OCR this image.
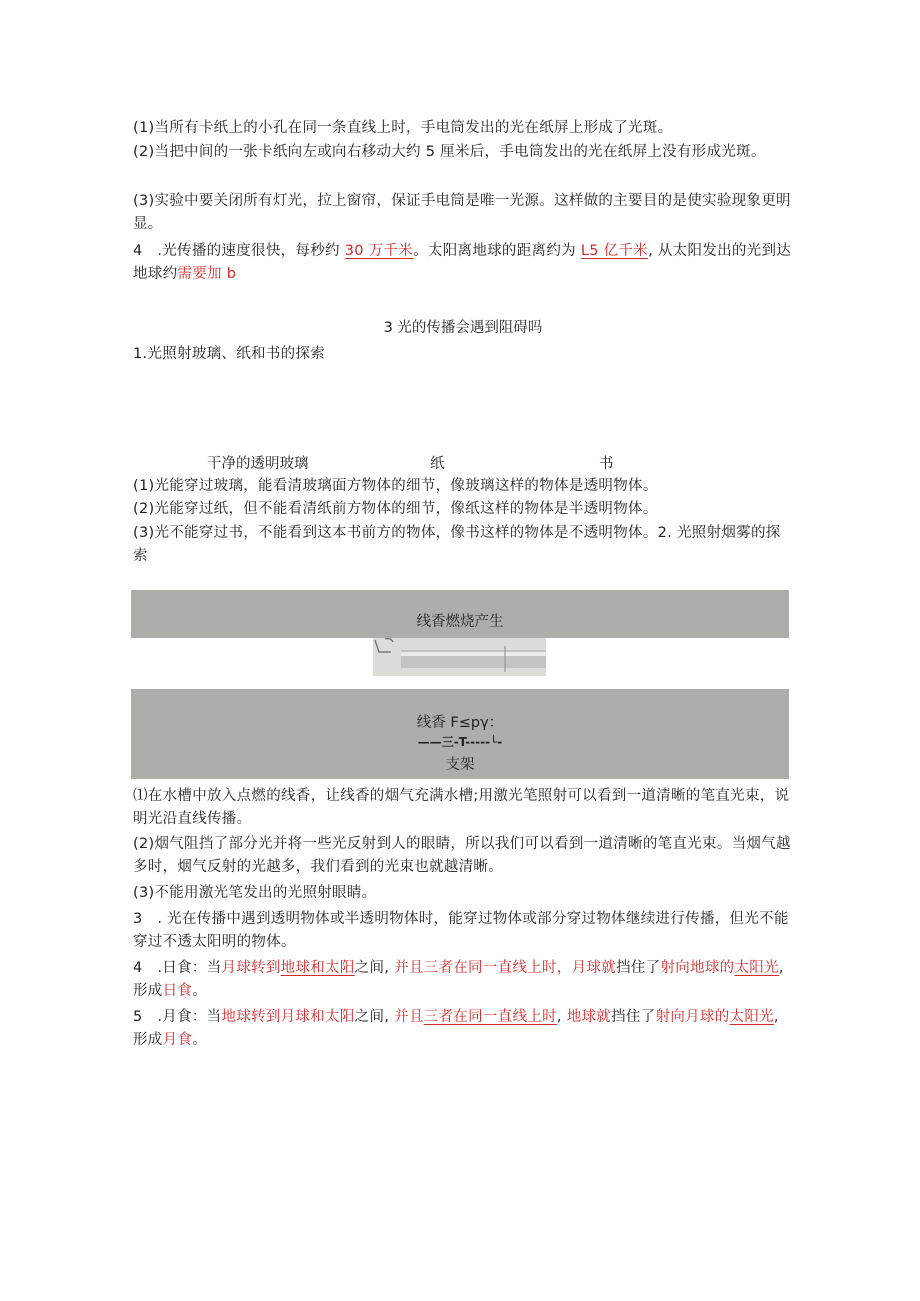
(1)当所有卡纸上的小孔在同一条直线上时，手电筒发出的光在纸屏上形成了光斑。
(2)当把中间的一张卡纸向左或向右移动大约 5 厘米后，手电筒发出的光在纸屏上没有形成光斑。
(3)实验中要关闭所有灯光，拉上窗帘，保证手电筒是唯一光源。这样做的主要目的是使实验现象更明显。
4　.光传播的速度很快，每秒约 30 万千米。太阳离地球的距离约为 L5 亿千米, 从太阳发出的光到达地球约需要加 b
3 光的传播会遇到阻碍吗
1.光照射玻璃、纸和书的探索
干净的透明玻璃	纸	书
(1)光能穿过玻璃，能看清玻璃面方物体的细节，像玻璃这样的物体是透明物体。
(2)光能穿过纸，但不能看清纸前方物体的细节，像纸这样的物体是半透明物体。
(3)光不能穿过书，不能看到这本书前方的物体，像书这样的物体是不透明物体。2. 光照射烟雾的探索
线香燃烧产生
线香 F≤pγ：
——三-T-----└-
支架
⑴在水槽中放入点燃的线香，让线香的烟气充满水槽;用激光笔照射可以看到一道清晰的笔直光束，说明光沿直线传播。
(2)烟气阻挡了部分光并将一些光反射到人的眼睛，所以我们可以看到一道清晰的笔直光束。当烟气越多时，烟气反射的光越多，我们看到的光束也就越清晰。
(3)不能用激光笔发出的光照射眼睛。
3　. 光在传播中遇到透明物体或半透明物体时，能穿过物体或部分穿过物体继续进行传播，但光不能穿过不透太阳明的物体。
4　.日食：当月球转到地球和太阳之间, 并且三者在同一直线上时，月球就挡住了射向地球的太阳光, 形成日食。
5　.月食：当地球转到月球和太阳之间, 并且三者在同一直线上时, 地球就挡住了射向月球的太阳光, 形成月食。
